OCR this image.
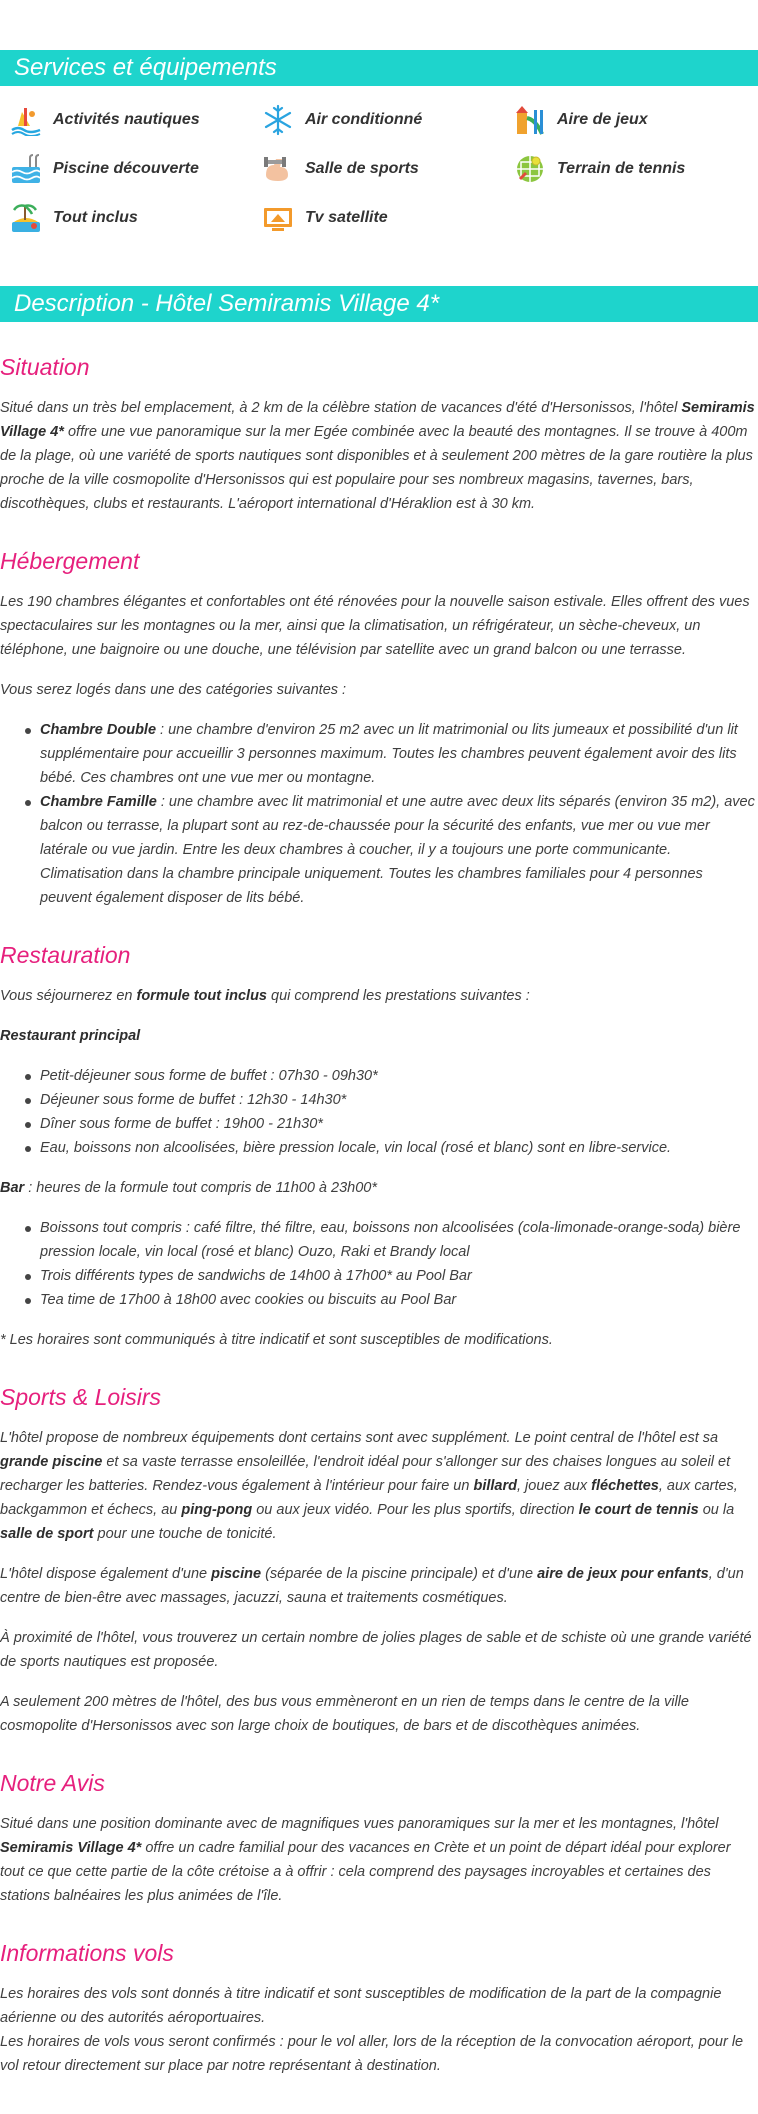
Services et équipements
Activités nautiques	Air conditionné	Aire de jeux
Piscine découverte	Salle de sports	Terrain de tennis
Tout inclus	Tv satellite
Description - Hôtel Semiramis Village 4*
Situation

Situé dans un très bel emplacement, à 2 km de la célèbre station de vacances d'été d'Hersonissos, l'hôtel Semiramis Village 4* offre une vue panoramique sur la mer Egée combinée avec la beauté des montagnes. Il se trouve à 400m de la plage, où une variété de sports nautiques sont disponibles et à seulement 200 mètres de la gare routière la plus proche de la ville cosmopolite d'Hersonissos qui est populaire pour ses nombreux magasins, tavernes, bars, discothèques, clubs et restaurants. L'aéroport international d'Héraklion est à 30 km.

Hébergement

Les 190 chambres élégantes et confortables ont été rénovées pour la nouvelle saison estivale. Elles offrent des vues spectaculaires sur les montagnes ou la mer, ainsi que la climatisation, un réfrigérateur, un sèche-cheveux, un téléphone, une baignoire ou une douche, une télévision par satellite avec un grand balcon ou une terrasse.

Vous serez logés dans une des catégories suivantes :

Chambre Double : une chambre d'environ 25 m2 avec un lit matrimonial ou lits jumeaux et possibilité d'un lit supplémentaire pour accueillir 3 personnes maximum. Toutes les chambres peuvent également avoir des lits bébé. Ces chambres ont une vue mer ou montagne.
Chambre Famille : une chambre avec lit matrimonial et une autre avec deux lits séparés (environ 35 m2), avec balcon ou terrasse, la plupart sont au rez-de-chaussée pour la sécurité des enfants, vue mer ou vue mer latérale ou vue jardin. Entre les deux chambres à coucher, il y a toujours une porte communicante. Climatisation dans la chambre principale uniquement. Toutes les chambres familiales pour 4 personnes peuvent également disposer de lits bébé.
Restauration

Vous séjournerez en formule tout inclus qui comprend les prestations suivantes :

Restaurant principal

Petit-déjeuner sous forme de buffet : 07h30 - 09h30*
Déjeuner sous forme de buffet : 12h30 - 14h30*
Dîner sous forme de buffet : 19h00 - 21h30*
Eau, boissons non alcoolisées, bière pression locale, vin local (rosé et blanc) sont en libre-service.

Bar : heures de la formule tout compris de 11h00 à 23h00*

Boissons tout compris : café filtre, thé filtre, eau, boissons non alcoolisées (cola-limonade-orange-soda) bière pression locale, vin local (rosé et blanc) Ouzo, Raki et Brandy local
Trois différents types de sandwichs de 14h00 à 17h00* au Pool Bar
Tea time de 17h00 à 18h00 avec cookies ou biscuits au Pool Bar

* Les horaires sont communiqués à titre indicatif et sont susceptibles de modifications.

Sports & Loisirs

L'hôtel propose de nombreux équipements dont certains sont avec supplément. Le point central de l'hôtel est sa grande piscine et sa vaste terrasse ensoleillée, l'endroit idéal pour s'allonger sur des chaises longues au soleil et recharger les batteries. Rendez-vous également à l'intérieur pour faire un billard, jouez aux fléchettes, aux cartes, backgammon et échecs, au ping-pong ou aux jeux vidéo. Pour les plus sportifs, direction le court de tennis ou la salle de sport pour une touche de tonicité.

L'hôtel dispose également d'une piscine (séparée de la piscine principale) et d'une aire de jeux pour enfants, d'un centre de bien-être avec massages, jacuzzi, sauna et traitements cosmétiques.

À proximité de l'hôtel, vous trouverez un certain nombre de jolies plages de sable et de schiste où une grande variété de sports nautiques est proposée.

A seulement 200 mètres de l'hôtel, des bus vous emmèneront en un rien de temps dans le centre de la ville cosmopolite d'Hersonissos avec son large choix de boutiques, de bars et de discothèques animées.

Notre Avis

Situé dans une position dominante avec de magnifiques vues panoramiques sur la mer et les montagnes, l'hôtel Semiramis Village 4* offre un cadre familial pour des vacances en Crète et un point de départ idéal pour explorer tout ce que cette partie de la côte crétoise a à offrir : cela comprend des paysages incroyables et certaines des stations balnéaires les plus animées de l'île.

Informations vols

Les horaires des vols sont donnés à titre indicatif et sont susceptibles de modification de la part de la compagnie aérienne ou des autorités aéroportuaires.
Les horaires de vols vous seront confirmés : pour le vol aller, lors de la réception de la convocation aéroport, pour le vol retour directement sur place par notre représentant à destination.
